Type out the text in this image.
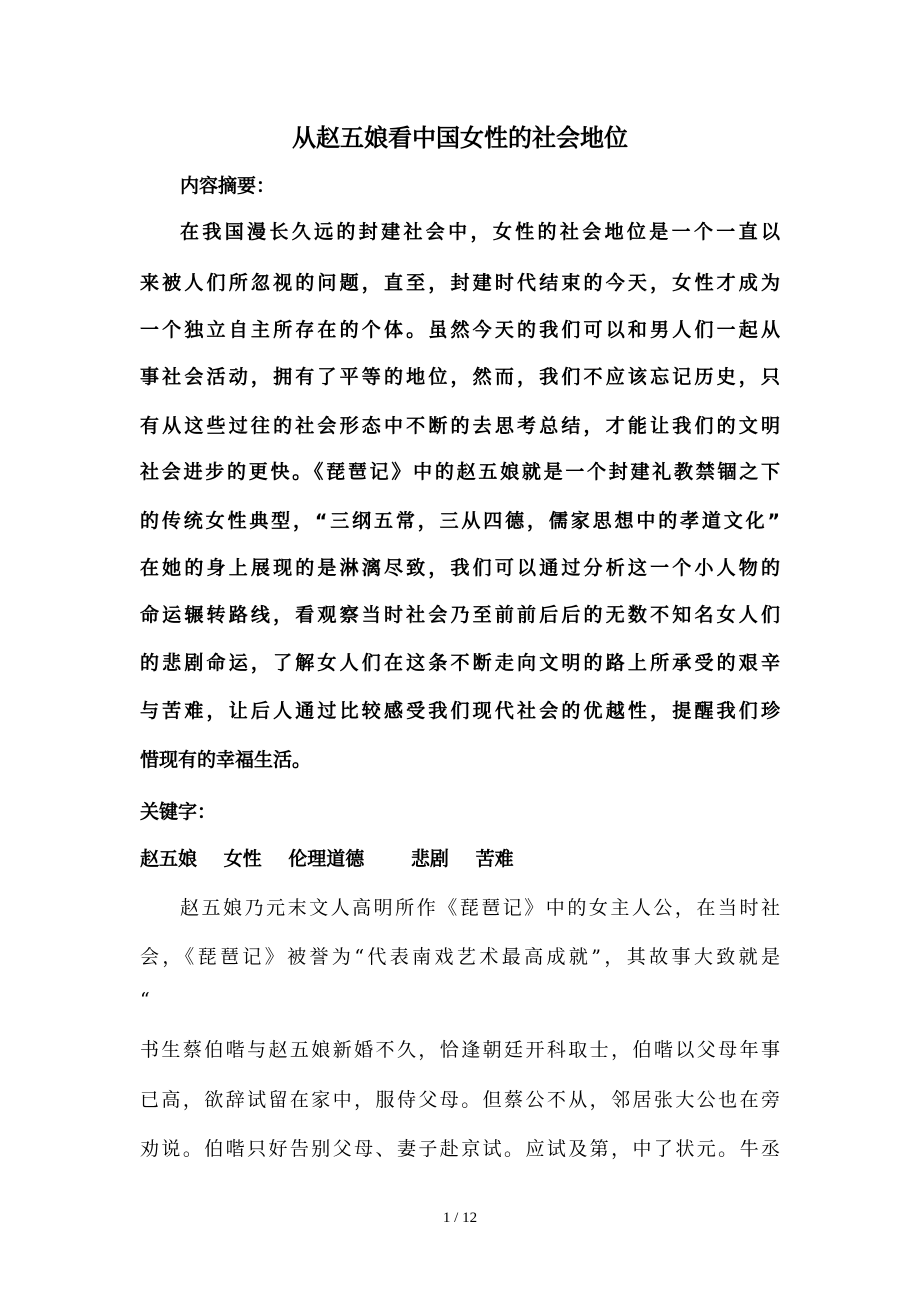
从赵五娘看中国女性的社会地位
内容摘要：
在我国漫长久远的封建社会中，女性的社会地位是一个一直以
来被人们所忽视的问题，直至，封建时代结束的今天，女性才成为
一个独立自主所存在的个体。虽然今天的我们可以和男人们一起从
事社会活动，拥有了平等的地位，然而，我们不应该忘记历史，只
有从这些过往的社会形态中不断的去思考总结，才能让我们的文明
社会进步的更快。《琵琶记》中的赵五娘就是一个封建礼教禁锢之下
的传统女性典型，“三纲五常，三从四德，儒家思想中的孝道文化”
在她的身上展现的是淋漓尽致，我们可以通过分析这一个小人物的
命运辗转路线，看观察当时社会乃至前前后后的无数不知名女人们
的悲剧命运，了解女人们在这条不断走向文明的路上所承受的艰辛
与苦难，让后人通过比较感受我们现代社会的优越性，提醒我们珍
惜现有的幸福生活。
关键字：
赵五娘 女性 伦理道德 悲剧 苦难
赵五娘乃元末文人高明所作《琵琶记》中的女主人公，在当时社
会，《琵琶记》被誉为“代表南戏艺术最高成就”，其故事大致就是
“
书生蔡伯喈与赵五娘新婚不久，恰逢朝廷开科取士，伯喈以父母年事
已高，欲辞试留在家中，服侍父母。但蔡公不从，邻居张大公也在旁
劝说。伯喈只好告别父母、妻子赴京试。应试及第，中了状元。牛丞
1 / 12
